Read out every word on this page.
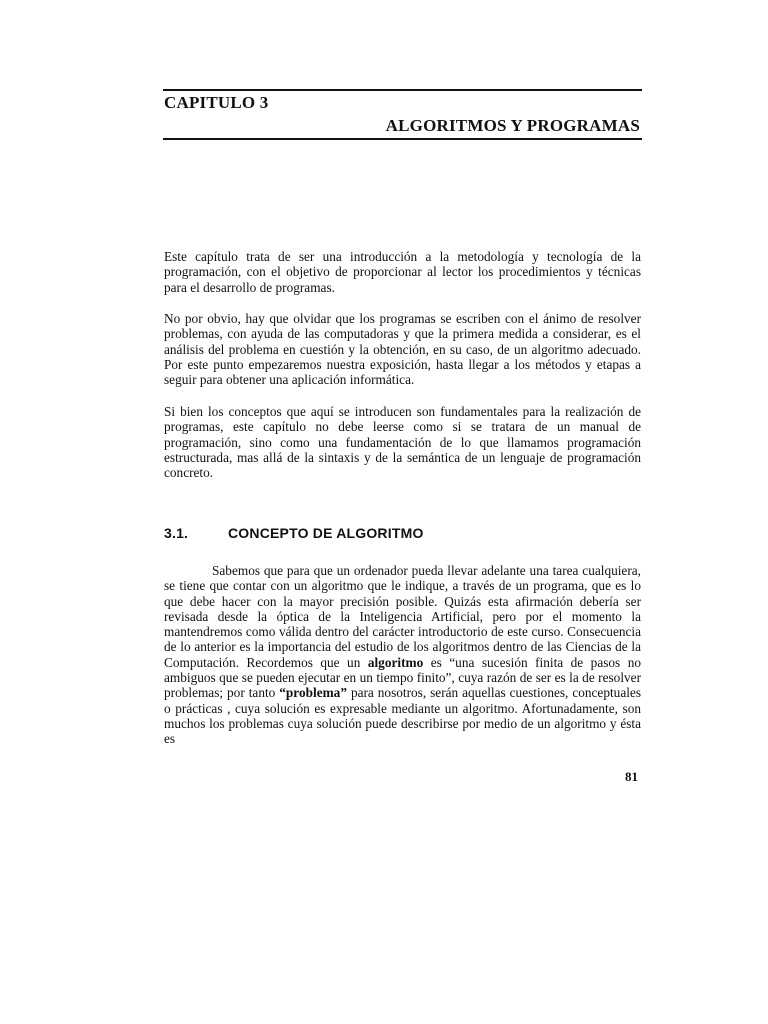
CAPITULO 3
ALGORITMOS Y PROGRAMAS

Este capítulo trata de ser una introducción a la metodología y tecnología de la programación, con el objetivo de proporcionar al lector los procedimientos y técnicas para el desarrollo de programas.

No por obvio, hay que olvidar que los programas se escriben con el ánimo de resolver problemas, con ayuda de las computadoras y que la primera medida a considerar, es el análisis del problema en cuestión y la obtención, en su caso, de un algoritmo adecuado. Por este punto empezaremos nuestra exposición, hasta llegar a los métodos y etapas a seguir para obtener una aplicación informática.

Si bien los conceptos que aquí se introducen son fundamentales para la realización de programas, este capítulo no debe leerse como si se tratara de un manual de programación, sino como una fundamentación de lo que llamamos programación estructurada, mas allá de la sintaxis y de la semántica de un lenguaje de programación concreto.

3.1.	CONCEPTO DE ALGORITMO

Sabemos que para que un ordenador pueda llevar adelante una tarea cualquiera, se tiene que contar con un algoritmo que le indique, a través de un programa, que es lo que debe hacer con la mayor precisión posible. Quizás esta afirmación debería ser revisada desde la óptica de la Inteligencia Artificial, pero por el momento la mantendremos como válida dentro del carácter introductorio de este curso. Consecuencia de lo anterior es la importancia del estudio de los algoritmos dentro de las Ciencias de la Computación. Recordemos que un algoritmo es “una sucesión finita de pasos no ambiguos que se pueden ejecutar en un tiempo finito”, cuya razón de ser es la de resolver problemas; por tanto “problema” para nosotros, serán aquellas cuestiones, conceptuales o prácticas , cuya solución es expresable mediante un algoritmo. Afortunadamente, son muchos los problemas cuya solución puede describirse por medio de un algoritmo y ésta es

81
